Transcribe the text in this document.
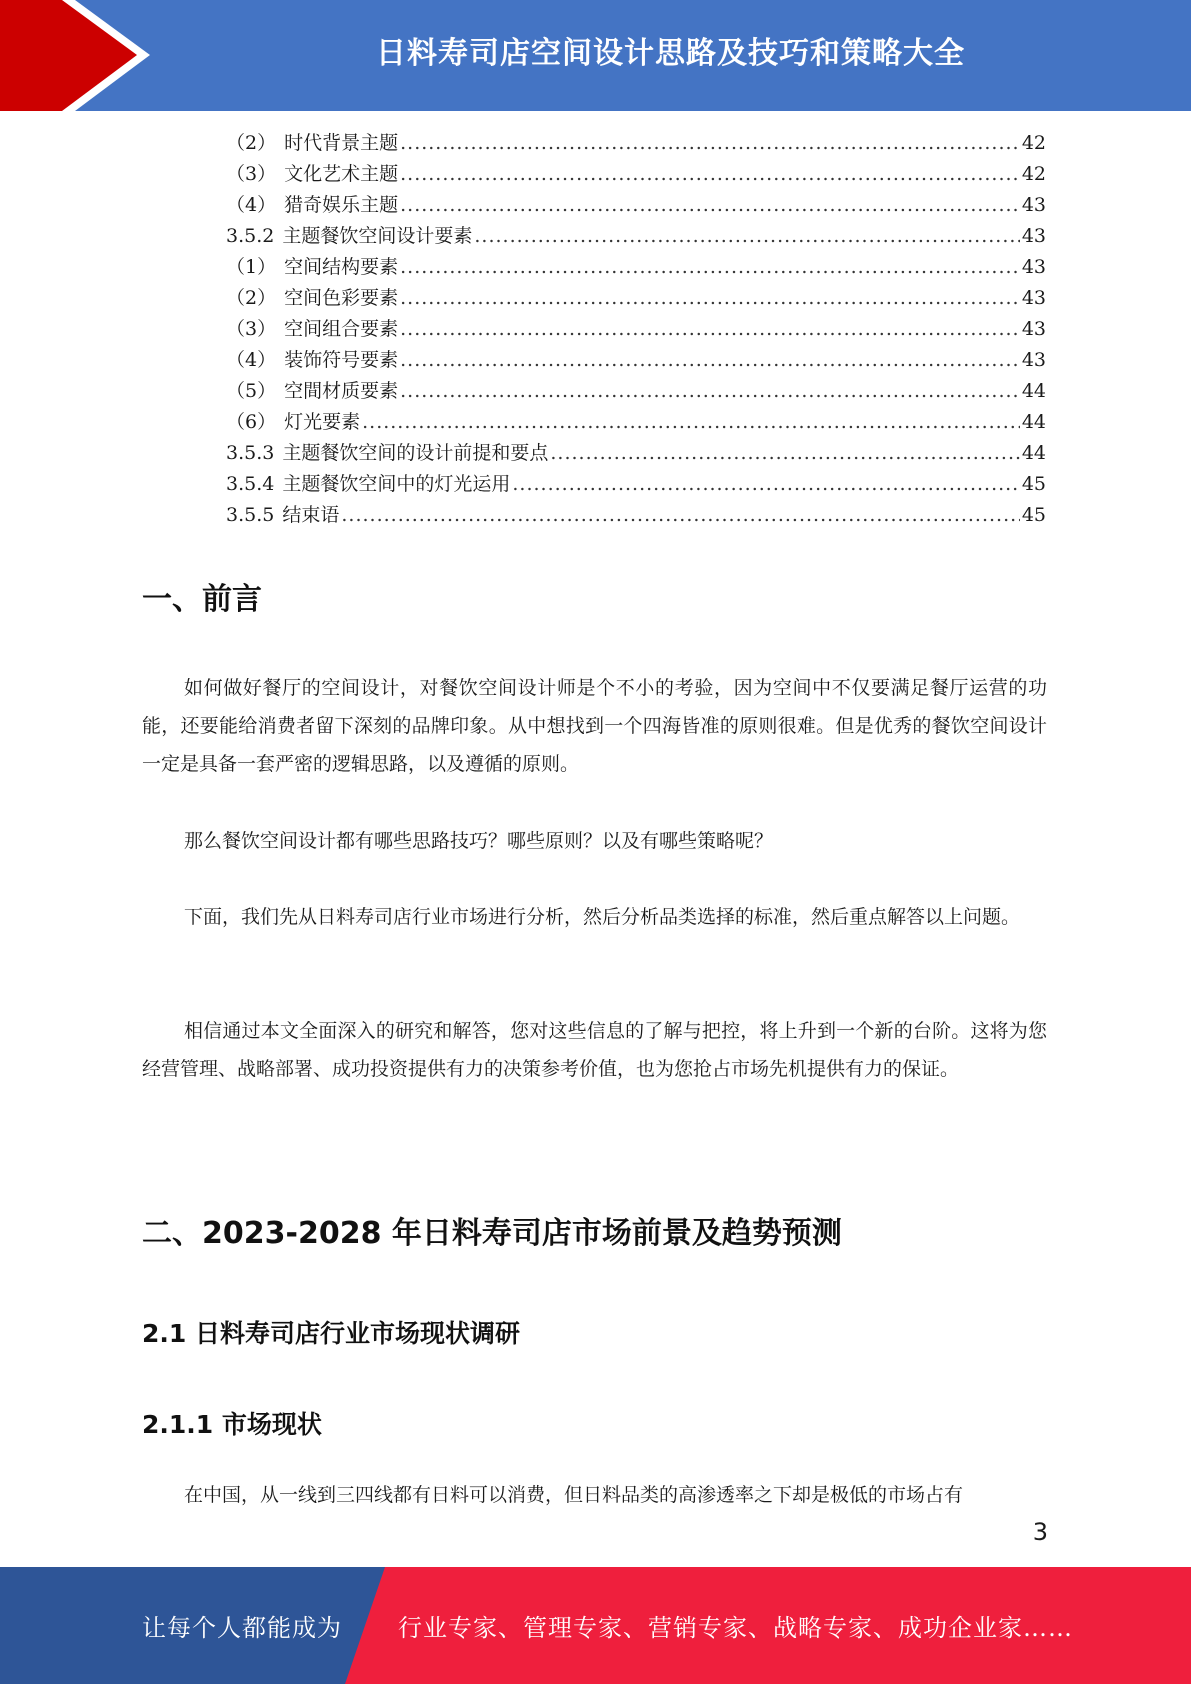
日料寿司店空间设计思路及技巧和策略大全
（2） 时代背景主题 .....	42
（3） 文化艺术主题 .....	42
（4） 猎奇娱乐主题 .....	43
3.5.2 主题餐饮空间设计要素 .....	43
（1） 空间结构要素 .....	43
（2） 空间色彩要素 .....	43
（3） 空间组合要素 .....	43
（4） 装饰符号要素 .....	43
（5） 空間材质要素 .....	44
（6） 灯光要素 .....	44
3.5.3 主题餐饮空间的设计前提和要点 .....	44
3.5.4 主题餐饮空间中的灯光运用 .....	45
3.5.5 结束语 .....	45
一、前言

如何做好餐厅的空间设计，对餐饮空间设计师是个不小的考验，因为空间中不仅要满足餐厅运营的功能，还要能给消费者留下深刻的品牌印象。从中想找到一个四海皆准的原则很难。但是优秀的餐饮空间设计一定是具备一套严密的逻辑思路，以及遵循的原则。

那么餐饮空间设计都有哪些思路技巧？哪些原则？以及有哪些策略呢？

下面，我们先从日料寿司店行业市场进行分析，然后分析品类选择的标准，然后重点解答以上问题。

相信通过本文全面深入的研究和解答，您对这些信息的了解与把控，将上升到一个新的台阶。这将为您经营管理、战略部署、成功投资提供有力的决策参考价值，也为您抢占市场先机提供有力的保证。

二、2023-2028 年日料寿司店市场前景及趋势预测
2.1 日料寿司店行业市场现状调研
2.1.1 市场现状

在中国，从一线到三四线都有日料可以消费，但日料品类的高渗透率之下却是极低的市场占有

3
让每个人都能成为 行业专家、管理专家、营销专家、战略专家、成功企业家……
